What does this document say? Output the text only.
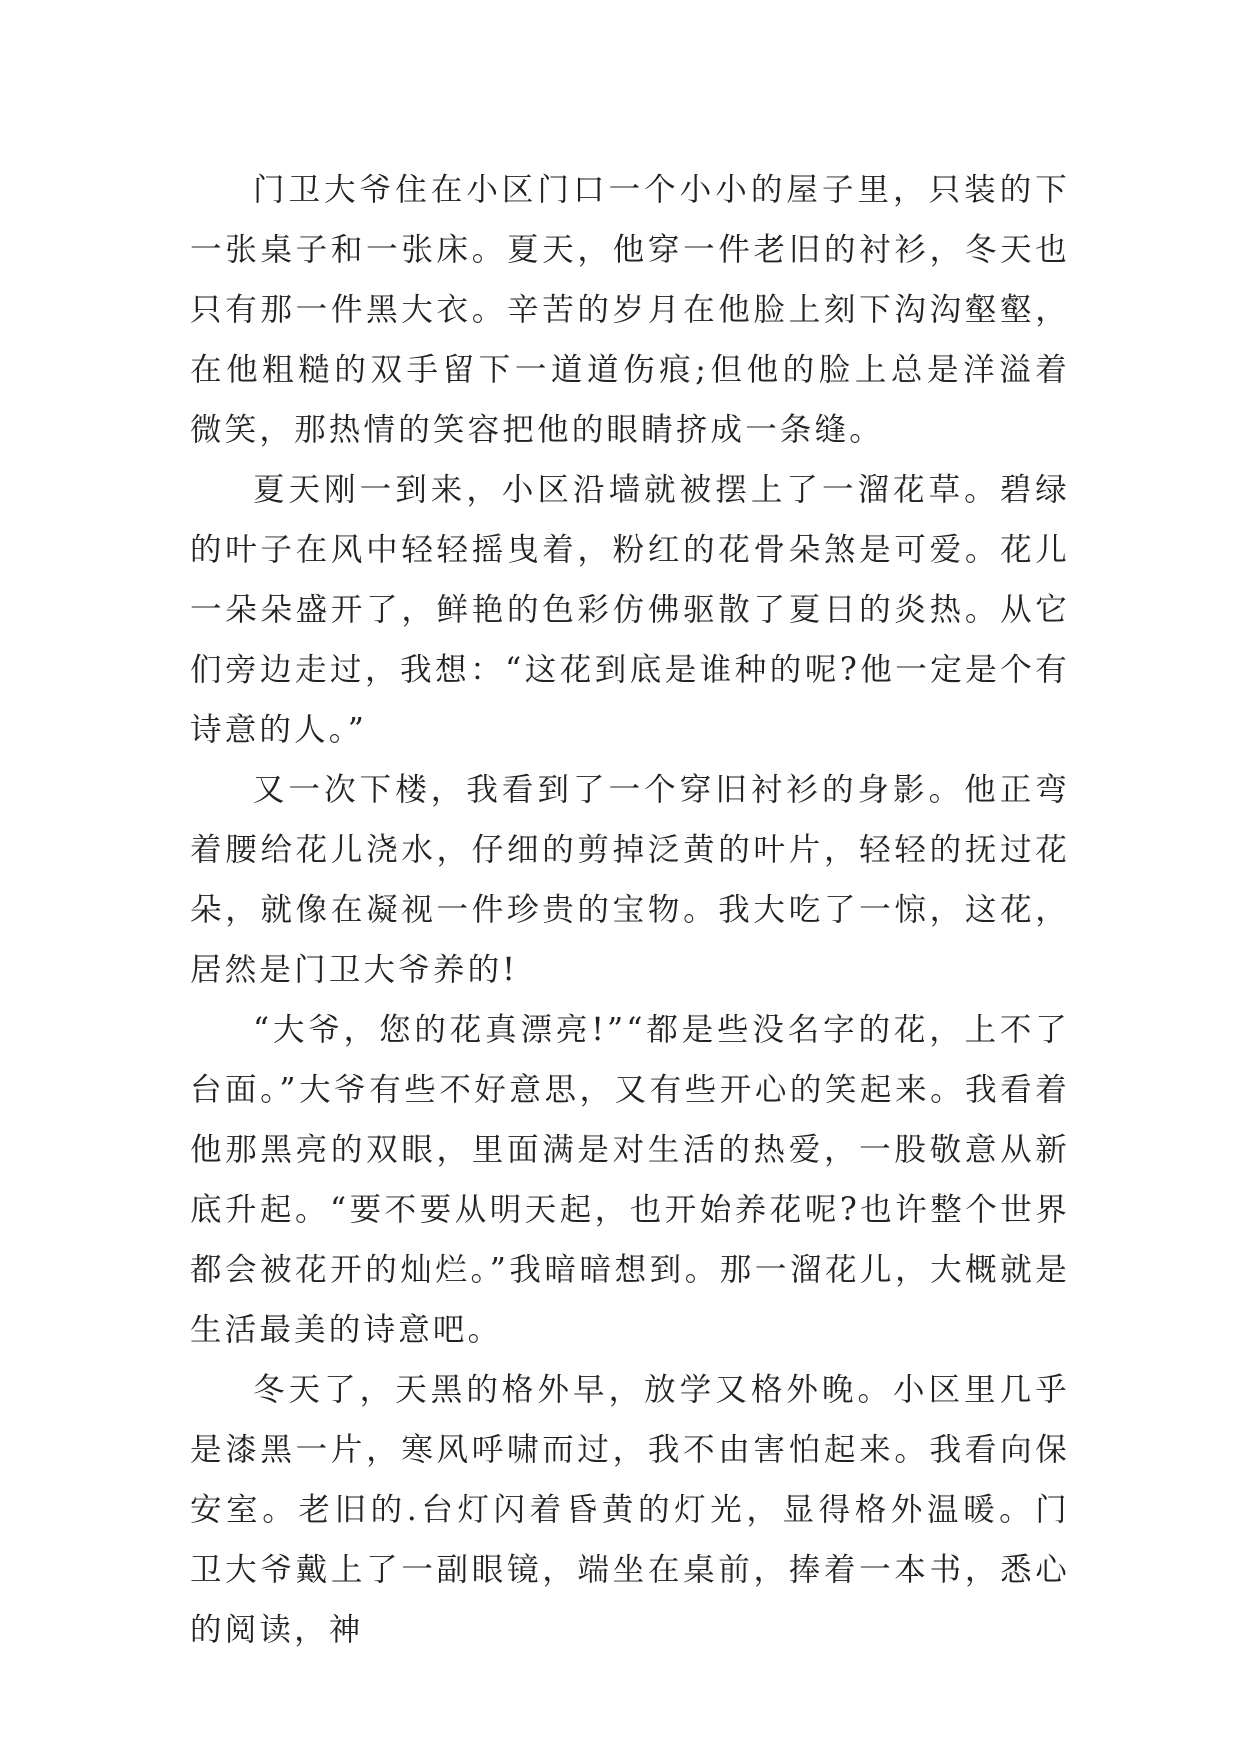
门卫大爷住在小区门口一个小小的屋子里，只装的下一张桌子和一张床。夏天，他穿一件老旧的衬衫，冬天也只有那一件黑大衣。辛苦的岁月在他脸上刻下沟沟壑壑，在他粗糙的双手留下一道道伤痕;但他的脸上总是洋溢着微笑，那热情的笑容把他的眼睛挤成一条缝。

夏天刚一到来，小区沿墙就被摆上了一溜花草。碧绿的叶子在风中轻轻摇曳着，粉红的花骨朵煞是可爱。花儿一朵朵盛开了，鲜艳的色彩仿佛驱散了夏日的炎热。从它们旁边走过，我想：“这花到底是谁种的呢?他一定是个有诗意的人。”

又一次下楼，我看到了一个穿旧衬衫的身影。他正弯着腰给花儿浇水，仔细的剪掉泛黄的叶片，轻轻的抚过花朵，就像在凝视一件珍贵的宝物。我大吃了一惊，这花，居然是门卫大爷养的!

“大爷，您的花真漂亮!”“都是些没名字的花，上不了台面。”大爷有些不好意思，又有些开心的笑起来。我看着他那黑亮的双眼，里面满是对生活的热爱，一股敬意从新底升起。“要不要从明天起，也开始养花呢?也许整个世界都会被花开的灿烂。”我暗暗想到。那一溜花儿，大概就是生活最美的诗意吧。

冬天了，天黑的格外早，放学又格外晚。小区里几乎是漆黑一片，寒风呼啸而过，我不由害怕起来。我看向保安室。老旧的.台灯闪着昏黄的灯光，显得格外温暖。门卫大爷戴上了一副眼镜，端坐在桌前，捧着一本书，悉心的阅读，神
